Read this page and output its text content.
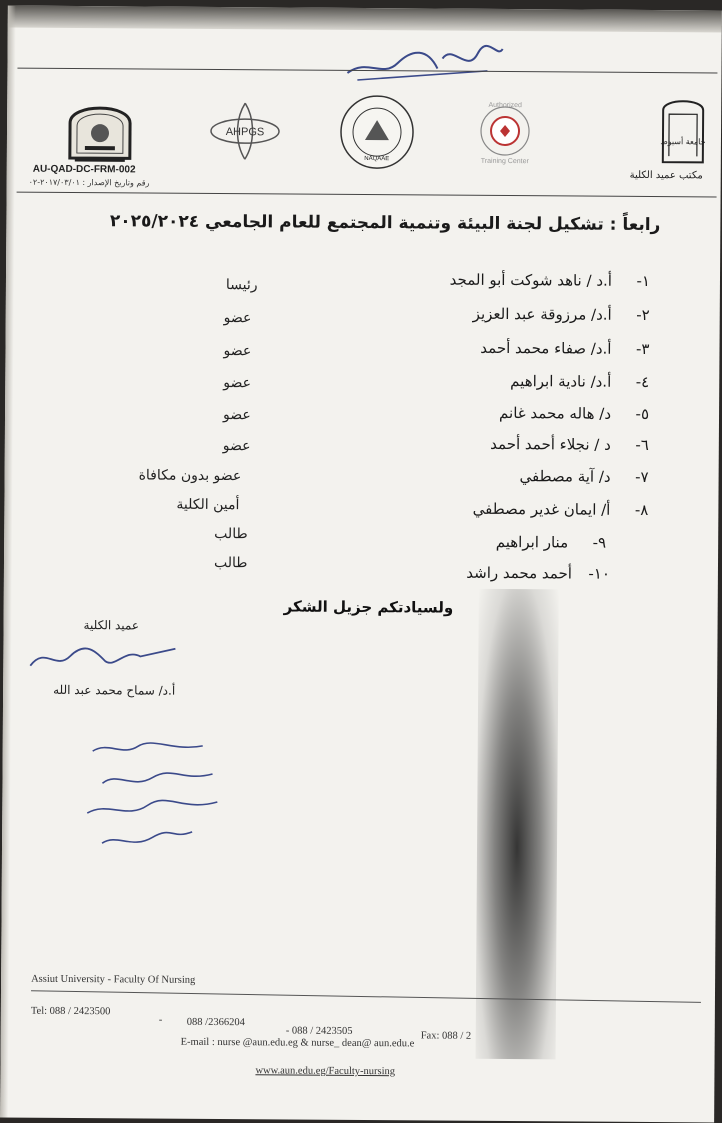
AU-QAD-DC-FRM-002
رقم وتاريخ الإصدار : ٢٠١٧/٠٣/٠١-٠٢
AHPGS
NAQAAE
Authorized
Training Center
جامعة أسيوط
مكتب عميد الكلية
رابعاً : تشكيل لجنة البيئة وتنمية المجتمع للعام الجامعي ٢٠٢٥/٢٠٢٤
١-أ.د / ناهد شوكت أبو المجد
رئيسا
٢-أ.د/ مرزوقة عبد العزيز
عضو
٣-أ.د/ صفاء محمد أحمد
عضو
٤-أ.د/ نادية ابراهيم
عضو
٥-د/ هاله محمد غانم
عضو
٦-د / نجلاء أحمد أحمد
عضو
٧-د/ آية مصطفي
عضو بدون مكافاة
٨-أ/ ايمان غدير مصطفي
أمين الكلية
٩-منار ابراهيم
طالب
١٠-أحمد محمد راشد
طالب
ولسيادتكم جزيل الشكر
عميد الكلية
أ.د/ سماح محمد عبد الله
Assiut University - Faculty Of Nursing
Tel: 088 / 2423500
- 088 /2366204
- 088 / 2423505	Fax: 088 / 2
E-mail : nurse @aun.edu.eg & nurse_ dean@ aun.edu.e
www.aun.edu.eg/Faculty-nursing
